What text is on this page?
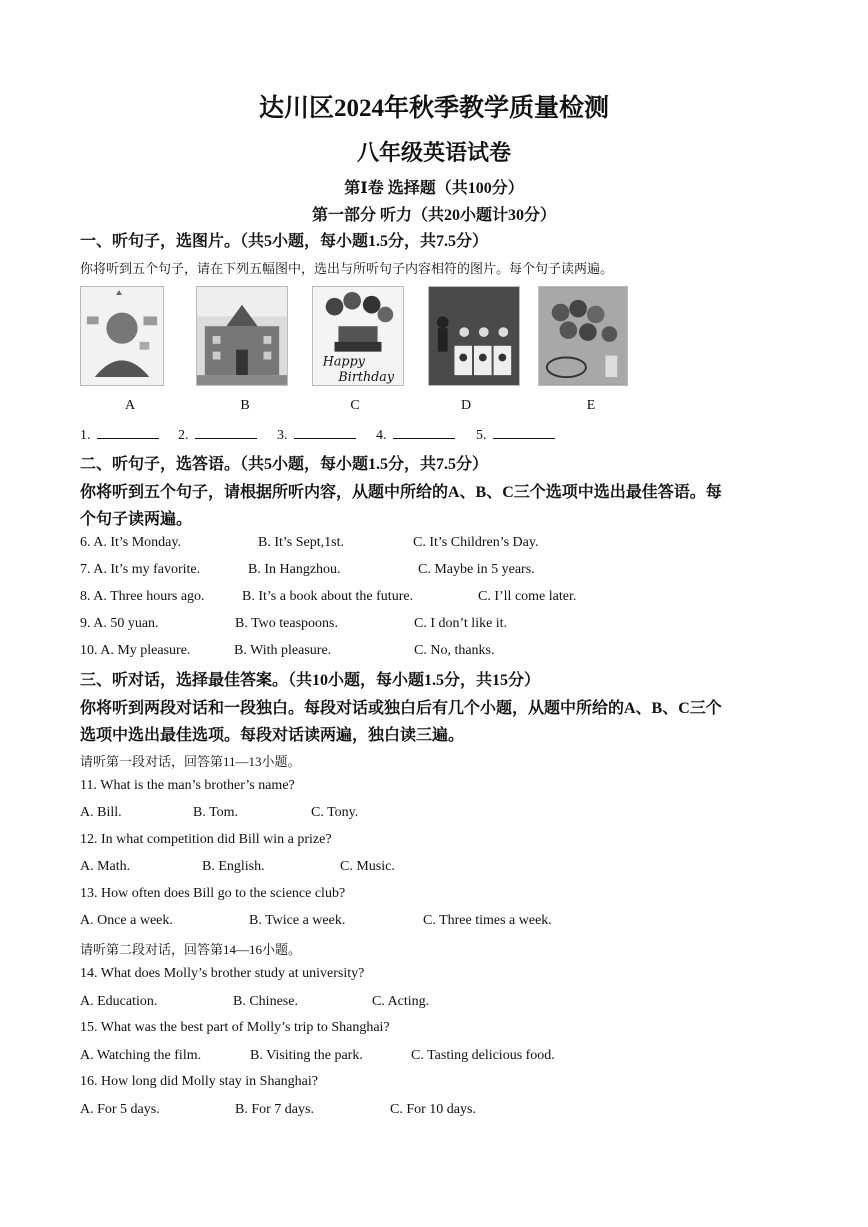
达川区2024年秋季教学质量检测
八年级英语试卷
第Ⅰ卷 选择题（共100分）
第一部分 听力（共20小题计30分）
一、听句子，选图片。（共5小题，每小题1.5分，共7.5分）
你将听到五个句子，请在下列五幅图中，选出与所听句子内容相符的图片。每个句子读两遍。
Happy
Birthday
A	B	C	D	E
1.	2.	3.	4.	5.
二、听句子，选答语。（共5小题，每小题1.5分，共7.5分）
你将听到五个句子，请根据所听内容，从题中所给的A、B、C三个选项中选出最佳答语。每
个句子读两遍。
6. A. It’s Monday.	B. It’s Sept,1st.	C. It’s Children’s Day.
7. A. It’s my favorite.	B. In Hangzhou.	C. Maybe in 5 years.
8. A. Three hours ago.	B. It’s a book about the future.	C. I’ll come later.
9. A. 50 yuan.	B. Two teaspoons.	C. I don’t like it.
10. A. My pleasure.	B. With pleasure.	C. No, thanks.
三、听对话，选择最佳答案。（共10小题，每小题1.5分，共15分）
你将听到两段对话和一段独白。每段对话或独白后有几个小题，从题中所给的A、B、C三个
选项中选出最佳选项。每段对话读两遍，独白读三遍。
请听第一段对话，回答第11—13小题。
11. What is the man’s brother’s name?
A. Bill.	B. Tom.	C. Tony.
12. In what competition did Bill win a prize?
A. Math.	B. English.	C. Music.
13. How often does Bill go to the science club?
A. Once a week.	B. Twice a week.	C. Three times a week.
请听第二段对话，回答第14—16小题。
14. What does Molly’s brother study at university?
A. Education.	B. Chinese.	C. Acting.
15. What was the best part of Molly’s trip to Shanghai?
A. Watching the film.	B. Visiting the park.	C. Tasting delicious food.
16. How long did Molly stay in Shanghai?
A. For 5 days.	B. For 7 days.	C. For 10 days.
